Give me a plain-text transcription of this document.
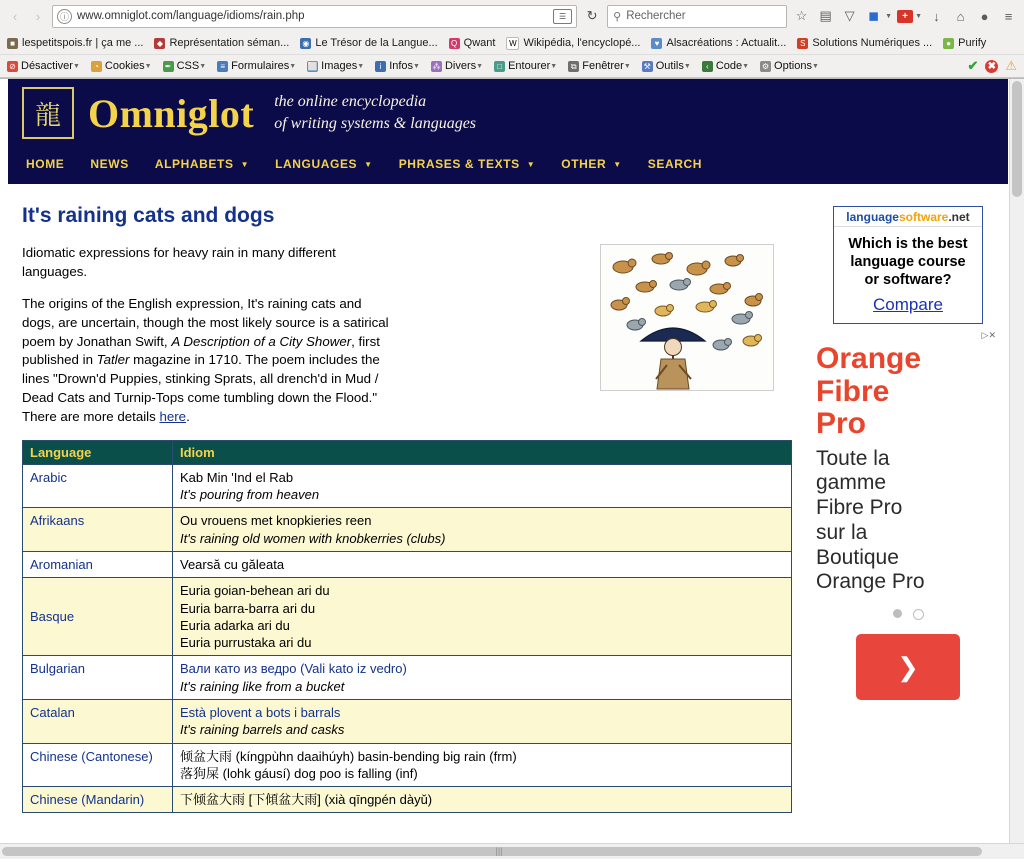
‹	›	ⓘ www.omniglot.com/language/idioms/rain.php	☰	↻	⚲ Rechercher	☆ ▤ ▽	◼ ▼	+	▼ ↓	⌂	●	≡
■ lespetitspois.fr | ça me ...	◆ Représentation séman... ◉ Le Trésor de la Langue... Q Qwant	W Wikipédia, l'encyclopé...	♥ Alsacréations : Actualit...	S Solutions Numériques ...	● Purify
⊘ Désactiver ▼	◔ Cookies ▼ ✒ CSS ▼	≡ Formulaires ▼ ⬜ Images ▼	i Infos ▼ ⁂ Divers ▼	□ Entourer ▼	⧉ Fenêtrer ▼ ⚒ Outils ▼	‹ Code ▼ ⚙ Options ▼	✔ ✖ ⚠
龍 Omniglot the online encyclopedia
of writing systems & languages
HOME NEWS ALPHABETS ▼ LANGUAGES ▼ PHRASES & TEXTS ▼ OTHER ▼ SEARCH
It's raining cats and dogs

Idiomatic expressions for heavy rain in many different languages.

The origins of the English expression, It's raining cats and dogs, are uncertain, though the most likely source is a satirical poem by Jonathan Swift, A Description of a City Shower, first published in Tatler magazine in 1710. The poem includes the lines "Drown'd Puppies, stinking Sprats, all drench'd in Mud / Dead Cats and Turnip-Tops come tumbling down the Flood." There are more details here.

Language	Idiom
Arabic	Kab Min 'Ind el Rab
It's pouring from heaven

Afrikaans	Ou vrouens met knopkieries reen
It's raining old women with knobkerries (clubs)

Aromanian	Vearsă cu găleata

Basque	Euria goian-behean ari du
Euria barra-barra ari du
Euria adarka ari du
Euria purrustaka ari du

Bulgarian	Вали като из ведро (Vali kato iz vedro)
It's raining like from a bucket

Catalan	Està plovent a bots i barrals
It's raining barrels and casks

Chinese (Cantonese)	倾盆大雨 (kíngpùhn daaihúyh) basin-bending big rain (frm)
落狗屎 (lohk gáusí) dog poo is falling (inf)

Chinese (Mandarin)	下倾盆大雨 [下傾盆大雨] (xià qīngpén dàyǔ)
languagesoftware.net
Which is the best
language course
or software?
Compare
▷✕
Orange
Fibre
Pro
Toute la
gamme
Fibre Pro
sur la
Boutique
Orange Pro
❯
|||
